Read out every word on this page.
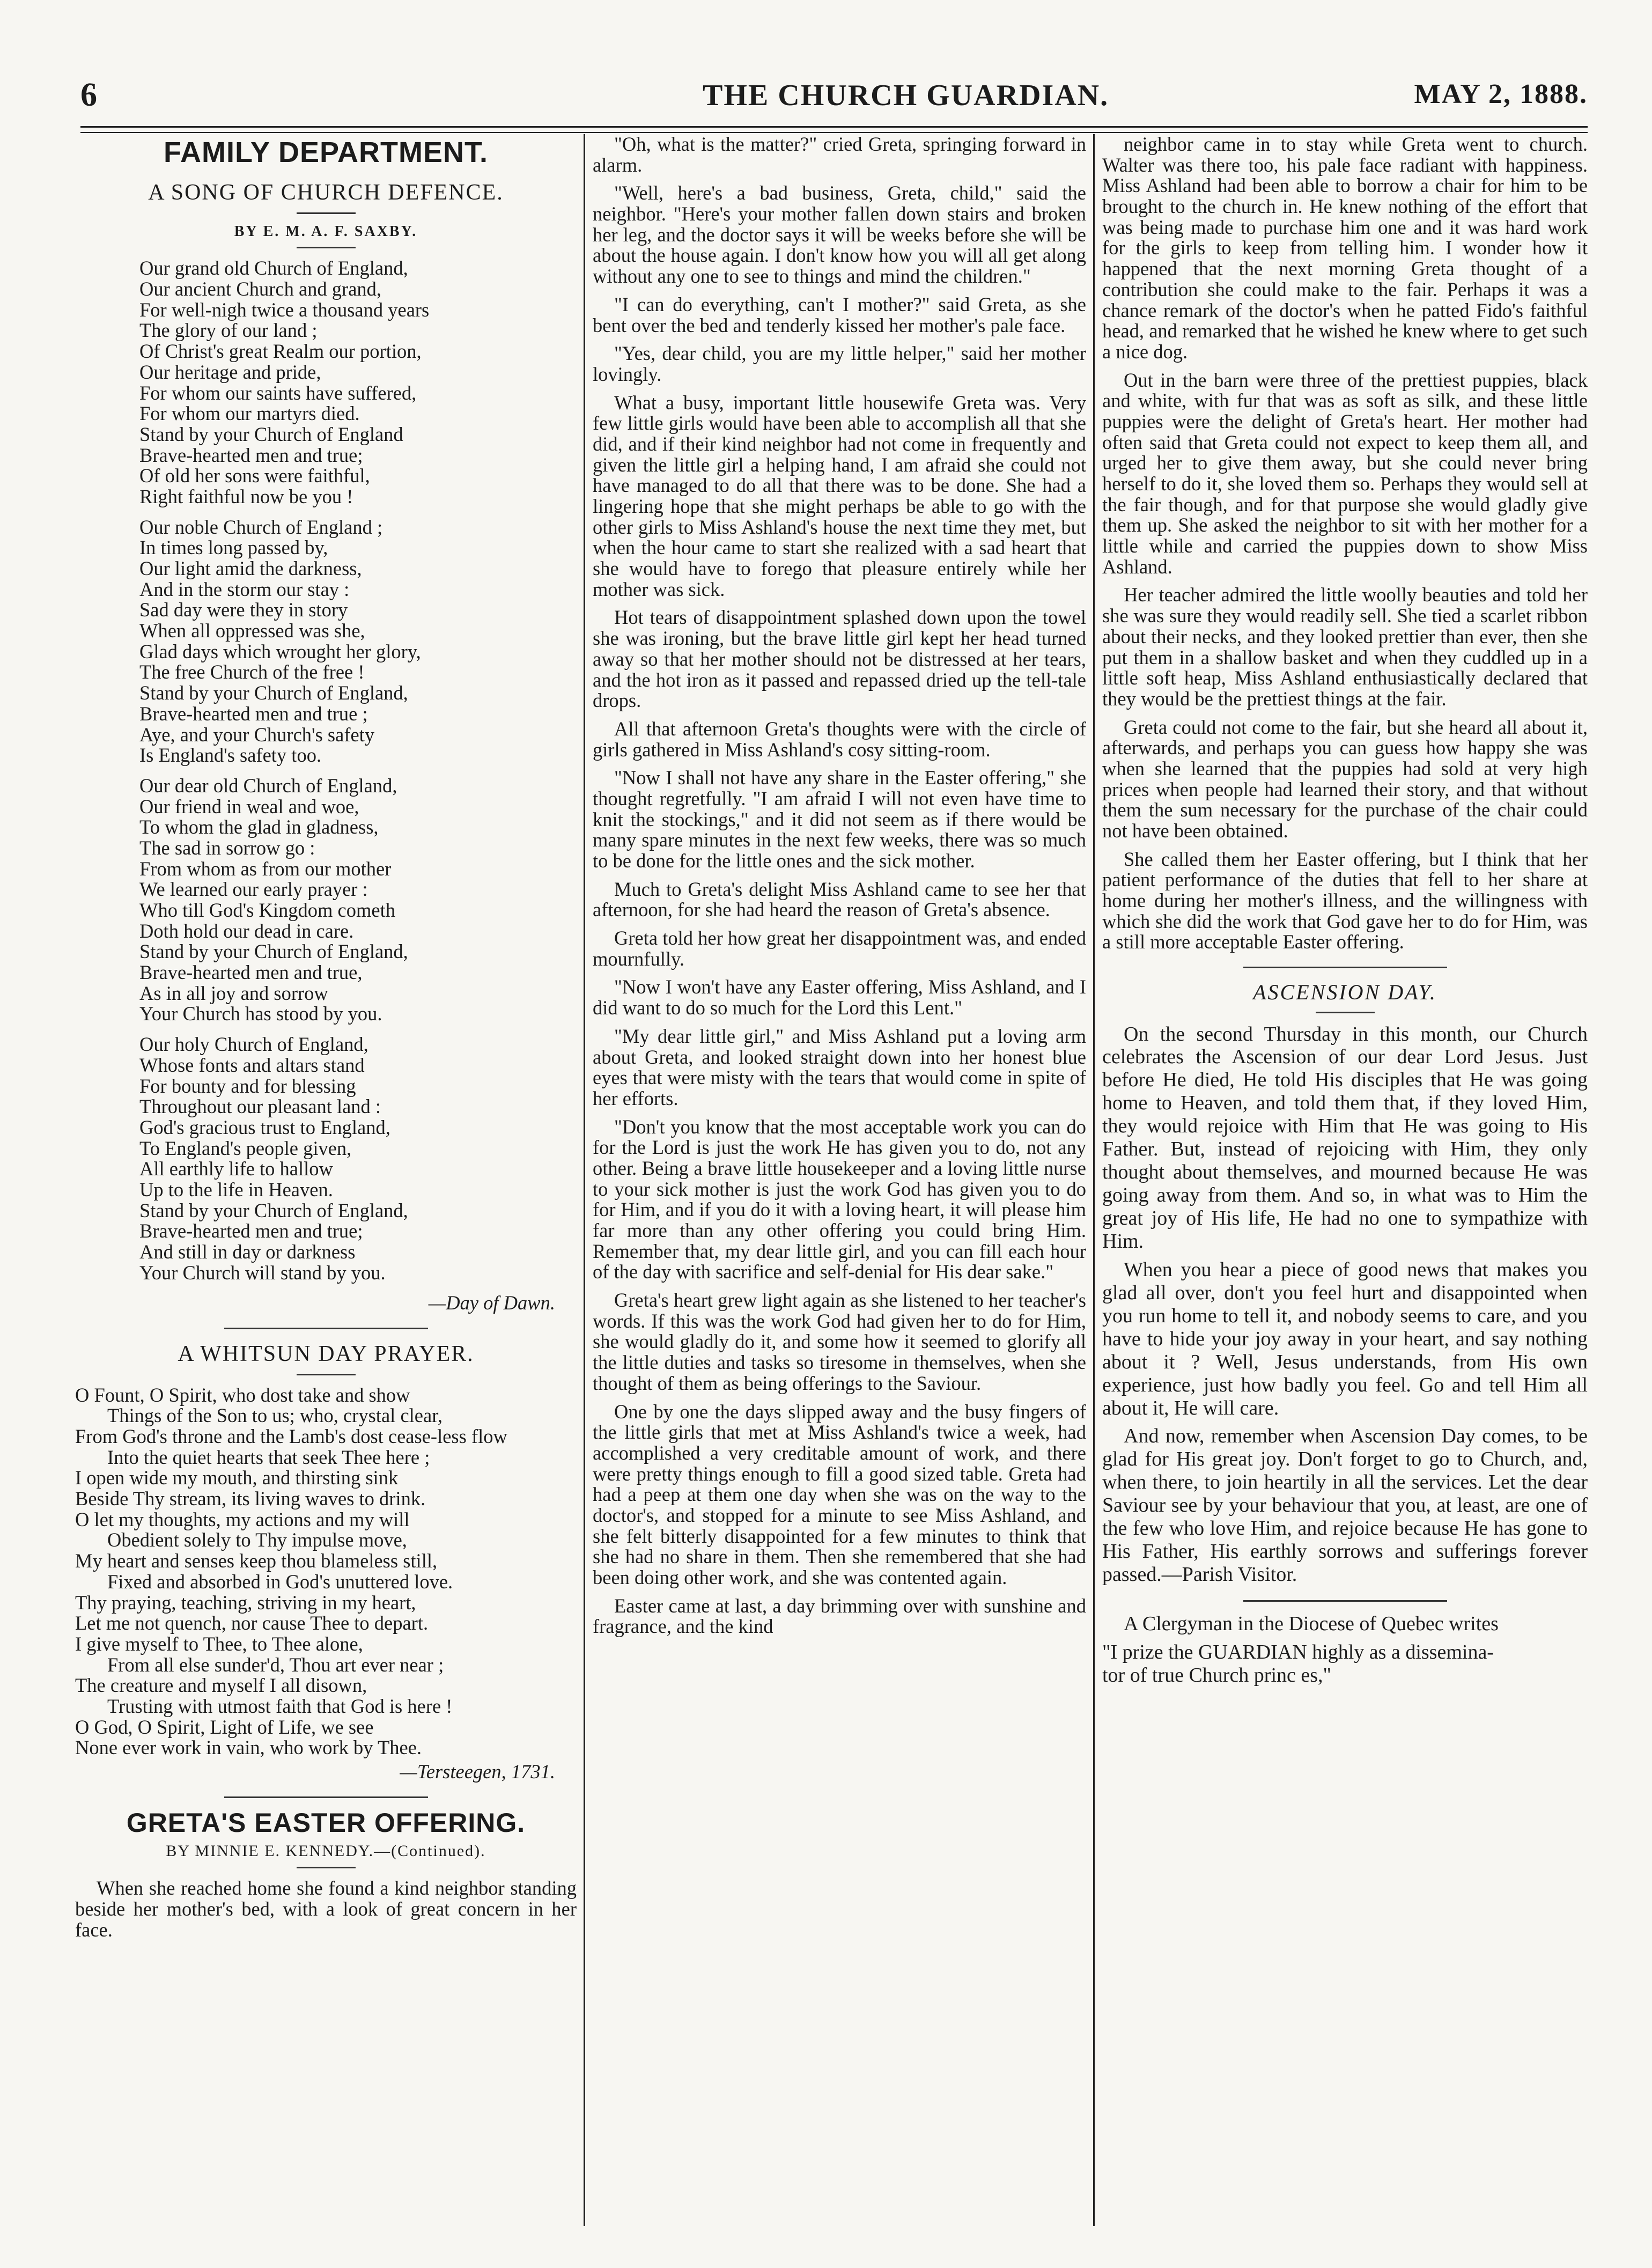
6	THE CHURCH GUARDIAN.	MAY 2, 1888.
FAMILY DEPARTMENT.
A SONG OF CHURCH DEFENCE.
BY E. M. A. F. SAXBY.
Our grand old Church of England,
Our ancient Church and grand,
For well-nigh twice a thousand years
The glory of our land ;
Of Christ's great Realm our portion,
Our heritage and pride,
For whom our saints have suffered,
For whom our martyrs died.
Stand by your Church of England
Brave-hearted men and true;
Of old her sons were faithful,
Right faithful now be you !
Our noble Church of England ;
In times long passed by,
Our light amid the darkness,
And in the storm our stay :
Sad day were they in story
When all oppressed was she,
Glad days which wrought her glory,
The free Church of the free !
Stand by your Church of England,
Brave-hearted men and true ;
Aye, and your Church's safety
Is England's safety too.
Our dear old Church of England,
Our friend in weal and woe,
To whom the glad in gladness,
The sad in sorrow go :
From whom as from our mother
We learned our early prayer :
Who till God's Kingdom cometh
Doth hold our dead in care.
Stand by your Church of England,
Brave-hearted men and true,
As in all joy and sorrow
Your Church has stood by you.
Our holy Church of England,
Whose fonts and altars stand
For bounty and for blessing
Throughout our pleasant land :
God's gracious trust to England,
To England's people given,
All earthly life to hallow
Up to the life in Heaven.
Stand by your Church of England,
Brave-hearted men and true;
And still in day or darkness
Your Church will stand by you.
—Day of Dawn.
A WHITSUN DAY PRAYER.
O Fount, O Spirit, who dost take and show
Things of the Son to us; who, crystal clear,
From God's throne and the Lamb's dost cease-less flow
Into the quiet hearts that seek Thee here ;
I open wide my mouth, and thirsting sink
Beside Thy stream, its living waves to drink.
O let my thoughts, my actions and my will
Obedient solely to Thy impulse move,
My heart and senses keep thou blameless still,
Fixed and absorbed in God's unuttered love.
Thy praying, teaching, striving in my heart,
Let me not quench, nor cause Thee to depart.
I give myself to Thee, to Thee alone,
From all else sunder'd, Thou art ever near ;
The creature and myself I all disown,
Trusting with utmost faith that God is here !
O God, O Spirit, Light of Life, we see
None ever work in vain, who work by Thee.
—Tersteegen, 1731.
GRETA'S EASTER OFFERING.
BY MINNIE E. KENNEDY.—(Continued).
When she reached home she found a kind neighbor standing beside her mother's bed, with a look of great concern in her face.
"Oh, what is the matter?" cried Greta, springing forward in alarm.
"Well, here's a bad business, Greta, child," said the neighbor. "Here's your mother fallen down stairs and broken her leg, and the doctor says it will be weeks before she will be about the house again. I don't know how you will all get along without any one to see to things and mind the children."
"I can do everything, can't I mother?" said Greta, as she bent over the bed and tenderly kissed her mother's pale face.
"Yes, dear child, you are my little helper," said her mother lovingly.
What a busy, important little housewife Greta was. Very few little girls would have been able to accomplish all that she did, and if their kind neighbor had not come in frequently and given the little girl a helping hand, I am afraid she could not have managed to do all that there was to be done. She had a lingering hope that she might perhaps be able to go with the other girls to Miss Ashland's house the next time they met, but when the hour came to start she realized with a sad heart that she would have to forego that pleasure entirely while her mother was sick.
Hot tears of disappointment splashed down upon the towel she was ironing, but the brave little girl kept her head turned away so that her mother should not be distressed at her tears, and the hot iron as it passed and repassed dried up the tell-tale drops.
All that afternoon Greta's thoughts were with the circle of girls gathered in Miss Ashland's cosy sitting-room.
"Now I shall not have any share in the Easter offering," she thought regretfully. "I am afraid I will not even have time to knit the stockings," and it did not seem as if there would be many spare minutes in the next few weeks, there was so much to be done for the little ones and the sick mother.
Much to Greta's delight Miss Ashland came to see her that afternoon, for she had heard the reason of Greta's absence.
Greta told her how great her disappointment was, and ended mournfully.
"Now I won't have any Easter offering, Miss Ashland, and I did want to do so much for the Lord this Lent."
"My dear little girl," and Miss Ashland put a loving arm about Greta, and looked straight down into her honest blue eyes that were misty with the tears that would come in spite of her efforts.
"Don't you know that the most acceptable work you can do for the Lord is just the work He has given you to do, not any other. Being a brave little housekeeper and a loving little nurse to your sick mother is just the work God has given you to do for Him, and if you do it with a loving heart, it will please him far more than any other offering you could bring Him. Remember that, my dear little girl, and you can fill each hour of the day with sacrifice and self-denial for His dear sake."
Greta's heart grew light again as she listened to her teacher's words. If this was the work God had given her to do for Him, she would gladly do it, and some how it seemed to glorify all the little duties and tasks so tiresome in themselves, when she thought of them as being offerings to the Saviour.
One by one the days slipped away and the busy fingers of the little girls that met at Miss Ashland's twice a week, had accomplished a very creditable amount of work, and there were pretty things enough to fill a good sized table. Greta had had a peep at them one day when she was on the way to the doctor's, and stopped for a minute to see Miss Ashland, and she felt bitterly disappointed for a few minutes to think that she had no share in them. Then she remembered that she had been doing other work, and she was contented again.
Easter came at last, a day brimming over with sunshine and fragrance, and the kind
neighbor came in to stay while Greta went to church. Walter was there too, his pale face radiant with happiness. Miss Ashland had been able to borrow a chair for him to be brought to the church in. He knew nothing of the effort that was being made to purchase him one and it was hard work for the girls to keep from telling him. I wonder how it happened that the next morning Greta thought of a contribution she could make to the fair. Perhaps it was a chance remark of the doctor's when he patted Fido's faithful head, and remarked that he wished he knew where to get such a nice dog.
Out in the barn were three of the prettiest puppies, black and white, with fur that was as soft as silk, and these little puppies were the delight of Greta's heart. Her mother had often said that Greta could not expect to keep them all, and urged her to give them away, but she could never bring herself to do it, she loved them so. Perhaps they would sell at the fair though, and for that purpose she would gladly give them up. She asked the neighbor to sit with her mother for a little while and carried the puppies down to show Miss Ashland.
Her teacher admired the little woolly beauties and told her she was sure they would readily sell. She tied a scarlet ribbon about their necks, and they looked prettier than ever, then she put them in a shallow basket and when they cuddled up in a little soft heap, Miss Ashland enthusiastically declared that they would be the prettiest things at the fair.
Greta could not come to the fair, but she heard all about it, afterwards, and perhaps you can guess how happy she was when she learned that the puppies had sold at very high prices when people had learned their story, and that without them the sum necessary for the purchase of the chair could not have been obtained.
She called them her Easter offering, but I think that her patient performance of the duties that fell to her share at home during her mother's illness, and the willingness with which she did the work that God gave her to do for Him, was a still more acceptable Easter offering.
ASCENSION DAY.
On the second Thursday in this month, our Church celebrates the Ascension of our dear Lord Jesus. Just before He died, He told His disciples that He was going home to Heaven, and told them that, if they loved Him, they would rejoice with Him that He was going to His Father. But, instead of rejoicing with Him, they only thought about themselves, and mourned because He was going away from them. And so, in what was to Him the great joy of His life, He had no one to sympathize with Him.
When you hear a piece of good news that makes you glad all over, don't you feel hurt and disappointed when you run home to tell it, and nobody seems to care, and you have to hide your joy away in your heart, and say nothing about it ? Well, Jesus understands, from His own experience, just how badly you feel. Go and tell Him all about it, He will care.
And now, remember when Ascension Day comes, to be glad for His great joy. Don't forget to go to Church, and, when there, to join heartily in all the services. Let the dear Saviour see by your behaviour that you, at least, are one of the few who love Him, and rejoice because He has gone to His Father, His earthly sorrows and sufferings forever passed.—Parish Visitor.
A Clergyman in the Diocese of Quebec writes
"I prize the GUARDIAN highly as a dissemina-
tor of true Church princ es,"
